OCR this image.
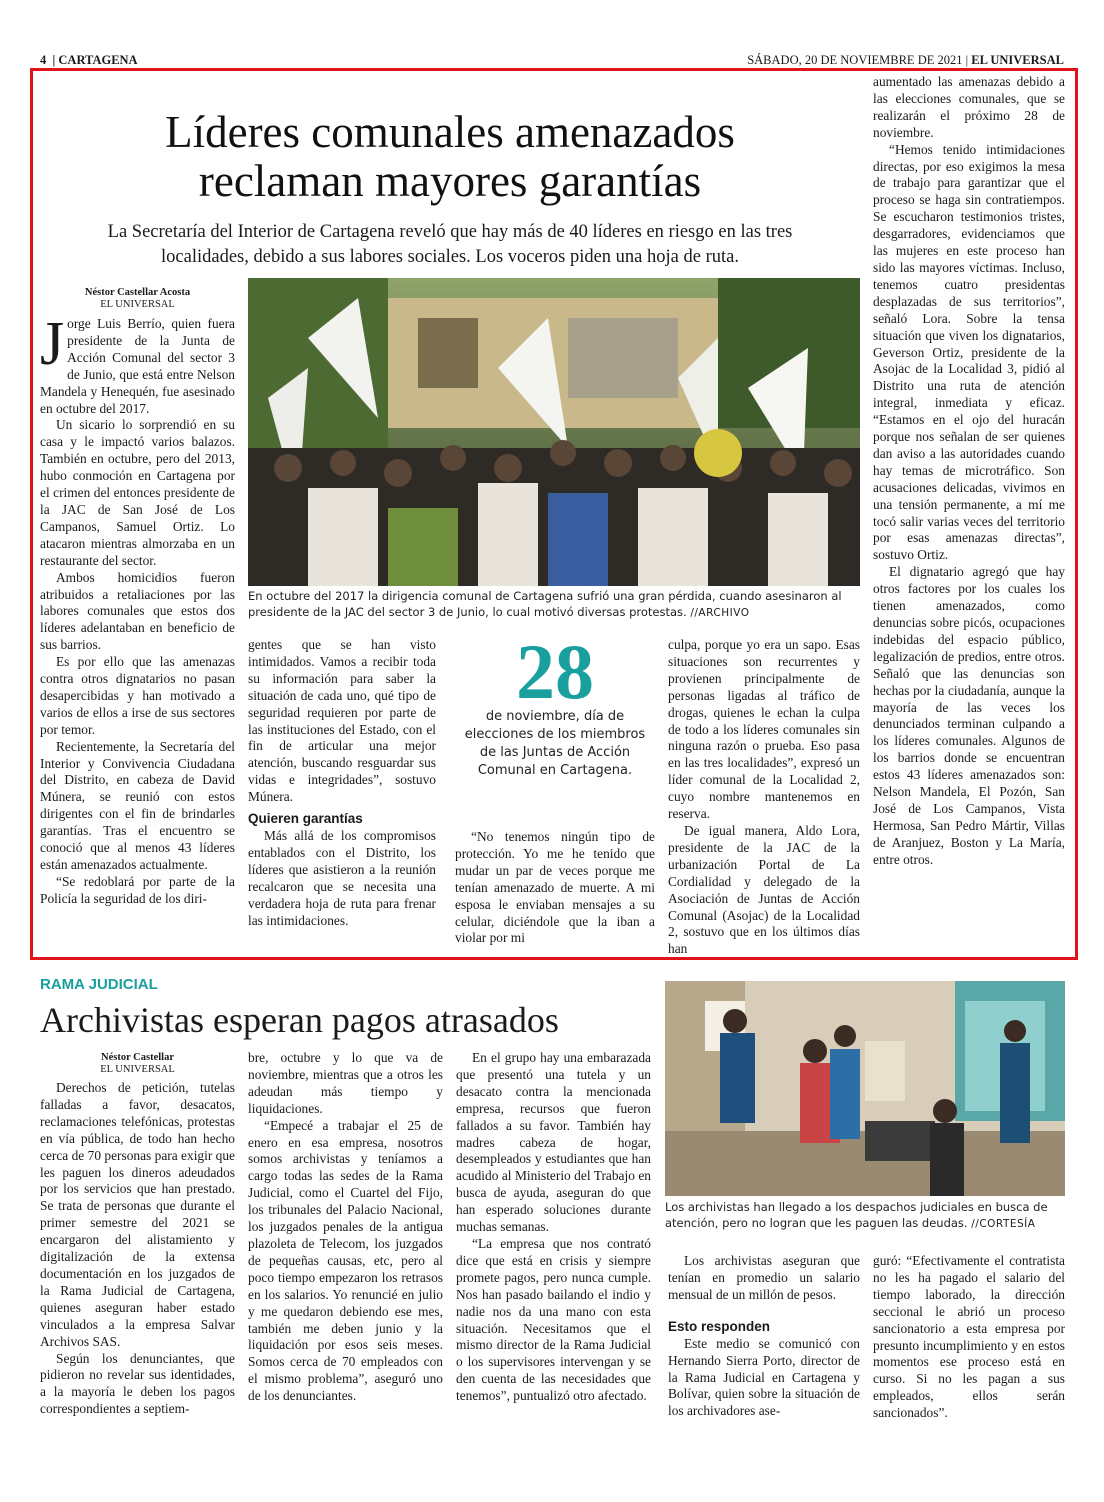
4  | CARTAGENA	SÁBADO, 20 DE NOVIEMBRE DE 2021 | EL UNIVERSAL
Líderes comunales amenazados
reclaman mayores garantías
La Secretaría del Interior de Cartagena reveló que hay más de 40 líderes en riesgo en las tres localidades, debido a sus labores sociales. Los voceros piden una hoja de ruta.
Néstor Castellar Acosta
EL UNIVERSAL

Jorge Luis Berrío, quien fuera presidente de la Junta de Acción Comunal del sector 3 de Junio, que está entre Nelson Mandela y Henequén, fue asesinado en octubre del 2017.

Un sicario lo sorprendió en su casa y le impactó varios balazos. También en octubre, pero del 2013, hubo conmoción en Cartagena por el crimen del entonces presidente de la JAC de San José de Los Campanos, Samuel Ortiz. Lo atacaron mientras almorzaba en un restaurante del sector.

Ambos homicidios fueron atribuidos a retaliaciones por las labores comunales que estos dos líderes adelantaban en beneficio de sus barrios.

Es por ello que las amenazas contra otros dignatarios no pasan desapercibidas y han motivado a varios de ellos a irse de sus sectores por temor.

Recientemente, la Secretaría del Interior y Convivencia Ciudadana del Distrito, en cabeza de David Múnera, se reunió con estos dirigentes con el fin de brindarles garantías. Tras el encuentro se conoció que al menos 43 líderes están amenazados actualmente.

“Se redoblará por parte de la Policía la seguridad de los diri-

En octubre del 2017 la dirigencia comunal de Cartagena sufrió una gran pérdida, cuando asesinaron al presidente de la JAC del sector 3 de Junio, lo cual motivó diversas protestas. //ARCHIVO

gentes que se han visto intimidados. Vamos a recibir toda su información para saber la situación de cada uno, qué tipo de seguridad requieren por parte de las instituciones del Estado, con el fin de articular una mejor atención, buscando resguardar sus vidas e integridades”, sostuvo Múnera.

Quieren garantías

Más allá de los compromisos entablados con el Distrito, los líderes que asistieron a la reunión recalcaron que se necesita una verdadera hoja de ruta para frenar las intimidaciones.

28
de noviembre, día de elecciones de los miembros de las Juntas de Acción Comunal en Cartagena.

“No tenemos ningún tipo de protección. Yo me he tenido que mudar un par de veces porque me tenían amenazado de muerte. A mi esposa le enviaban mensajes a su celular, diciéndole que la iban a violar por mi

culpa, porque yo era un sapo. Esas situaciones son recurrentes y provienen principalmente de personas ligadas al tráfico de drogas, quienes le echan la culpa de todo a los líderes comunales sin ninguna razón o prueba. Eso pasa en las tres localidades”, expresó un líder comunal de la Localidad 2, cuyo nombre mantenemos en reserva.

De igual manera, Aldo Lora, presidente de la JAC de la urbanización Portal de La Cordialidad y delegado de la Asociación de Juntas de Acción Comunal (Asojac) de la Localidad 2, sostuvo que en los últimos días han

aumentado las amenazas debido a las elecciones comunales, que se realizarán el próximo 28 de noviembre.

“Hemos tenido intimidaciones directas, por eso exigimos la mesa de trabajo para garantizar que el proceso se haga sin contratiempos. Se escucharon testimonios tristes, desgarradores, evidenciamos que las mujeres en este proceso han sido las mayores víctimas. Incluso, tenemos cuatro presidentas desplazadas de sus territorios”, señaló Lora. Sobre la tensa situación que viven los dignatarios, Geverson Ortiz, presidente de la Asojac de la Localidad 3, pidió al Distrito una ruta de atención integral, inmediata y eficaz. “Estamos en el ojo del huracán porque nos señalan de ser quienes dan aviso a las autoridades cuando hay temas de microtráfico. Son acusaciones delicadas, vivimos en una tensión permanente, a mí me tocó salir varias veces del territorio por esas amenazas directas”, sostuvo Ortiz.

El dignatario agregó que hay otros factores por los cuales los tienen amenazados, como denuncias sobre picós, ocupaciones indebidas del espacio público, legalización de predios, entre otros. Señaló que las denuncias son hechas por la ciudadanía, aunque la mayoría de las veces los denunciados terminan culpando a los líderes comunales. Algunos de los barrios donde se encuentran estos 43 líderes amenazados son: Nelson Mandela, El Pozón, San José de Los Campanos, Vista Hermosa, San Pedro Mártir, Villas de Aranjuez, Boston y La María, entre otros.

RAMA JUDICIAL
Archivistas esperan pagos atrasados
Néstor Castellar
EL UNIVERSAL

Derechos de petición, tutelas falladas a favor, desacatos, reclamaciones telefónicas, protestas en vía pública, de todo han hecho cerca de 70 personas para exigir que les paguen los dineros adeudados por los servicios que han prestado. Se trata de personas que durante el primer semestre del 2021 se encargaron del alistamiento y digitalización de la extensa documentación en los juzgados de la Rama Judicial de Cartagena, quienes aseguran haber estado vinculados a la empresa Salvar Archivos SAS.

Según los denunciantes, que pidieron no revelar sus identidades, a la mayoría le deben los pagos correspondientes a septiem-

bre, octubre y lo que va de noviembre, mientras que a otros les adeudan más tiempo y liquidaciones.

“Empecé a trabajar el 25 de enero en esa empresa, nosotros somos archivistas y teníamos a cargo todas las sedes de la Rama Judicial, como el Cuartel del Fijo, los tribunales del Palacio Nacional, los juzgados penales de la antigua plazoleta de Telecom, los juzgados de pequeñas causas, etc, pero al poco tiempo empezaron los retrasos en los salarios. Yo renuncié en julio y me quedaron debiendo ese mes, también me deben junio y la liquidación por esos seis meses. Somos cerca de 70 empleados con el mismo problema”, aseguró uno de los denunciantes.

En el grupo hay una embarazada que presentó una tutela y un desacato contra la mencionada empresa, recursos que fueron fallados a su favor. También hay madres cabeza de hogar, desempleados y estudiantes que han acudido al Ministerio del Trabajo en busca de ayuda, aseguran do que han esperado soluciones durante muchas semanas.

“La empresa que nos contrató dice que está en crisis y siempre promete pagos, pero nunca cumple. Nos han pasado bailando el indio y nadie nos da una mano con esta situación. Necesitamos que el mismo director de la Rama Judicial o los supervisores intervengan y se den cuenta de las necesidades que tenemos”, puntualizó otro afectado.

Los archivistas han llegado a los despachos judiciales en busca de atención, pero no logran que les paguen las deudas. //CORTESÍA

Los archivistas aseguran que tenían en promedio un salario mensual de un millón de pesos.

Esto responden

Este medio se comunicó con Hernando Sierra Porto, director de la Rama Judicial en Cartagena y Bolívar, quien sobre la situación de los archivadores ase-

guró: “Efectivamente el contratista no les ha pagado el salario del tiempo laborado, la dirección seccional le abrió un proceso sancionatorio a esta empresa por presunto incumplimiento y en estos momentos ese proceso está en curso. Si no les pagan a sus empleados, ellos serán sancionados”.
